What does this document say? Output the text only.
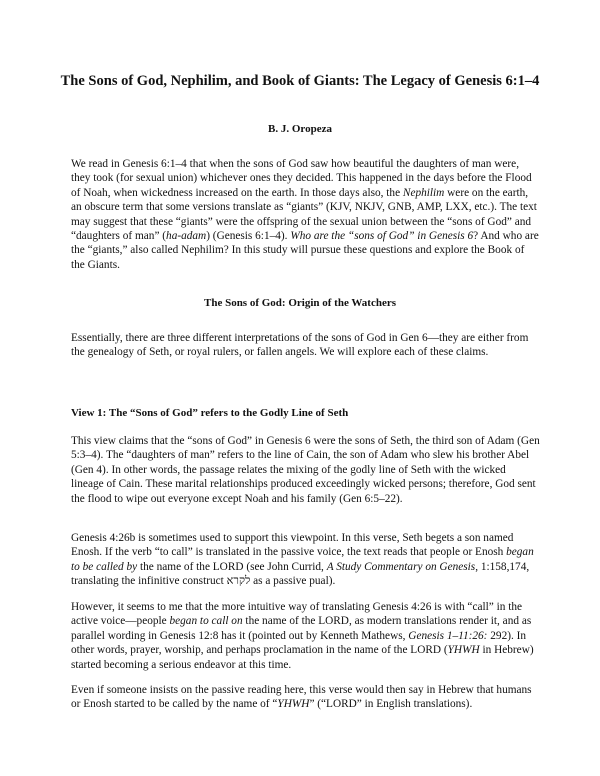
The Sons of God, Nephilim, and Book of Giants: The Legacy of Genesis 6:1–4
B. J. Oropeza

We read in Genesis 6:1–4 that when the sons of God saw how beautiful the daughters of man were, they took (for sexual union) whichever ones they decided. This happened in the days before the Flood of Noah, when wickedness increased on the earth. In those days also, the Nephilim were on the earth, an obscure term that some versions translate as “giants” (KJV, NKJV, GNB, AMP, LXX, etc.). The text may suggest that these “giants” were the offspring of the sexual union between the “sons of God” and “daughters of man” (ha-adam) (Genesis 6:1–4). Who are the “sons of God” in Genesis 6? And who are the “giants,” also called Nephilim? In this study will pursue these questions and explore the Book of the Giants.

The Sons of God: Origin of the Watchers

Essentially, there are three different interpretations of the sons of God in Gen 6—they are either from the genealogy of Seth, or royal rulers, or fallen angels. We will explore each of these claims.

View 1: The “Sons of God” refers to the Godly Line of Seth

This view claims that the “sons of God” in Genesis 6 were the sons of Seth, the third son of Adam (Gen 5:3–4). The “daughters of man” refers to the line of Cain, the son of Adam who slew his brother Abel (Gen 4). In other words, the passage relates the mixing of the godly line of Seth with the wicked lineage of Cain. These marital relationships produced exceedingly wicked persons; therefore, God sent the flood to wipe out everyone except Noah and his family (Gen 6:5–22).

Genesis 4:26b is sometimes used to support this viewpoint. In this verse, Seth begets a son named Enosh. If the verb “to call” is translated in the passive voice, the text reads that people or Enosh began to be called by the name of the LORD (see John Currid, A Study Commentary on Genesis, 1:158,174, translating the infinitive construct לקרא as a passive pual).

However, it seems to me that the more intuitive way of translating Genesis 4:26 is with “call” in the active voice—people began to call on the name of the LORD, as modern translations render it, and as parallel wording in Genesis 12:8 has it (pointed out by Kenneth Mathews, Genesis 1–11:26: 292). In other words, prayer, worship, and perhaps proclamation in the name of the LORD (YHWH in Hebrew) started becoming a serious endeavor at this time.

Even if someone insists on the passive reading here, this verse would then say in Hebrew that humans or Enosh started to be called by the name of “YHWH” (“LORD” in English translations).
